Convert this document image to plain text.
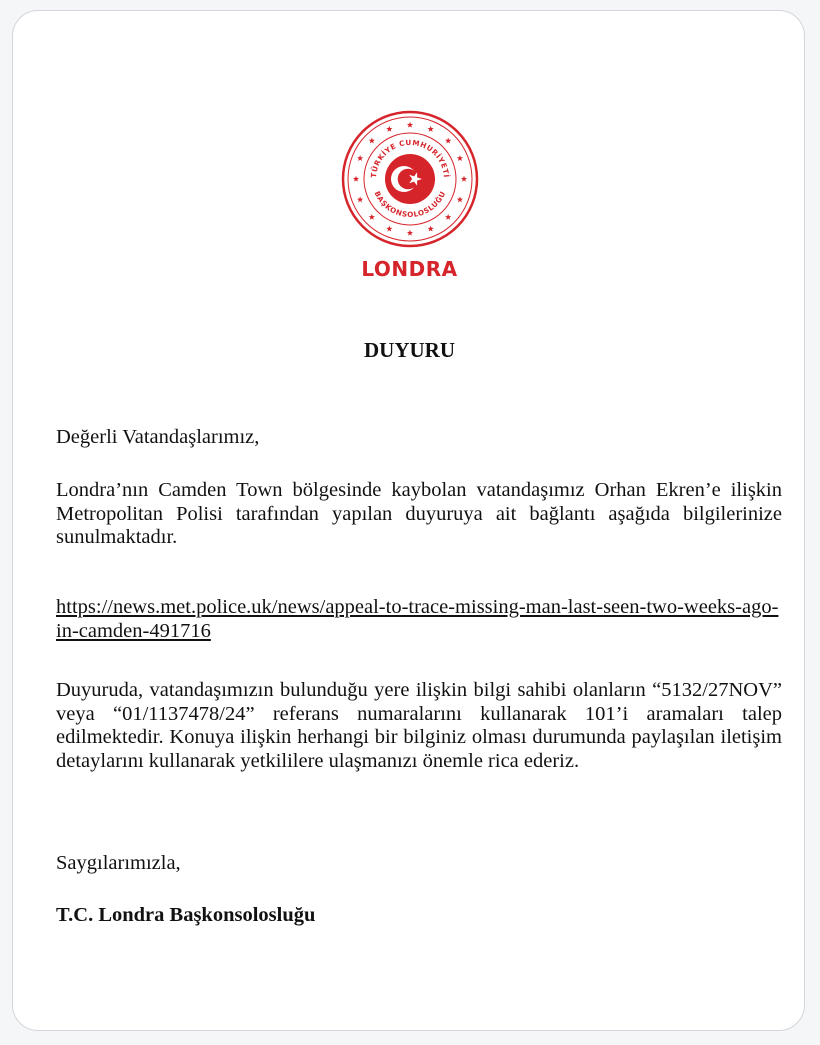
TÜRKİYE CUMHURİYETİ
BAŞKONSOLOSLUĞU
LONDRA
DUYURU

Değerli Vatandaşlarımız,

Londra’nın Camden Town bölgesinde kaybolan vatandaşımız Orhan Ekren’e ilişkin Metropolitan Polisi tarafından yapılan duyuruya ait bağlantı aşağıda bilgilerinize sunulmaktadır.

https://news.met.police.uk/news/appeal-to-trace-missing-man-last-seen-two-weeks-ago-in-camden-491716

Duyuruda, vatandaşımızın bulunduğu yere ilişkin bilgi sahibi olanların “5132/27NOV” veya “01/1137478/24” referans numaralarını kullanarak 101’i aramaları talep edilmektedir. Konuya ilişkin herhangi bir bilginiz olması durumunda paylaşılan iletişim detaylarını kullanarak yetkililere ulaşmanızı önemle rica ederiz.

Saygılarımızla,

T.C. Londra Başkonsolosluğu
